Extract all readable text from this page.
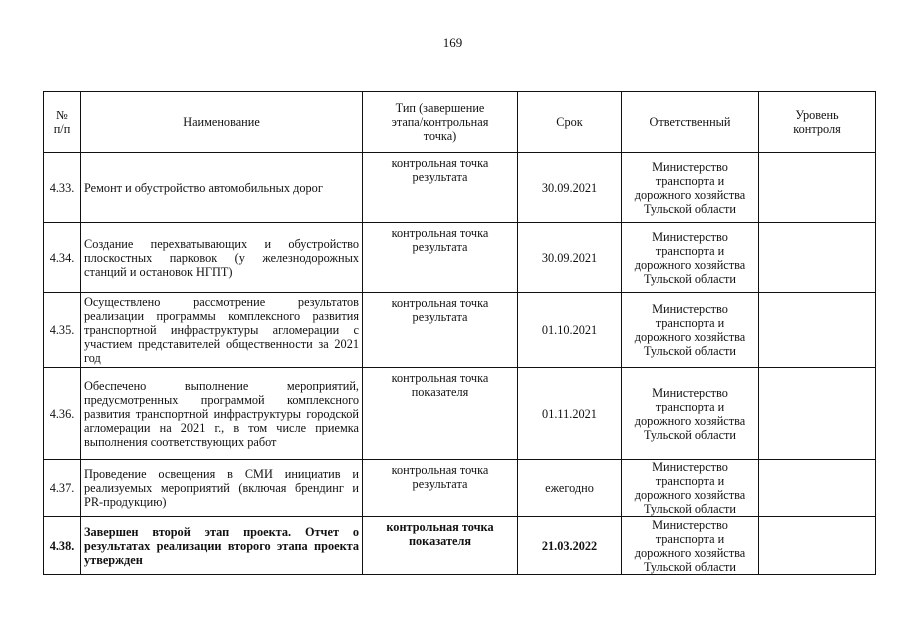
169
№
п/п	Наименование	Тип (завершение
этапа/контрольная
точка)	Срок	Ответственный	Уровень
контроля
4.33.	Ремонт и обустройство автомобильных дорог	контрольная точка
результата	30.09.2021	Министерство
транспорта и
дорожного хозяйства
Тульской области	
4.34.	Создание перехватывающих и обустройство плоскостных парковок (у железнодорожных станций и остановок НГПТ)	контрольная точка
результата	30.09.2021	Министерство
транспорта и
дорожного хозяйства
Тульской области	
4.35.	Осуществлено рассмотрение результатов реализации программы комплексного развития транспортной инфраструктуры агломерации с участием представителей общественности за 2021 год	контрольная точка
результата	01.10.2021	Министерство
транспорта и
дорожного хозяйства
Тульской области	
4.36.	Обеспечено выполнение мероприятий, предусмотренных программой комплексного развития транспортной инфраструктуры городской агломерации на 2021 г., в том числе приемка выполнения соответствующих работ	контрольная точка
показателя	01.11.2021	Министерство
транспорта и
дорожного хозяйства
Тульской области	
4.37.	Проведение освещения в СМИ инициатив и реализуемых мероприятий (включая брендинг и PR-продукцию)	контрольная точка
результата	ежегодно	Министерство
транспорта и
дорожного хозяйства
Тульской области	
4.38.	Завершен второй этап проекта. Отчет о результатах реализации второго этапа проекта утвержден	контрольная точка
показателя	21.03.2022	Министерство
транспорта и
дорожного хозяйства
Тульской области	
